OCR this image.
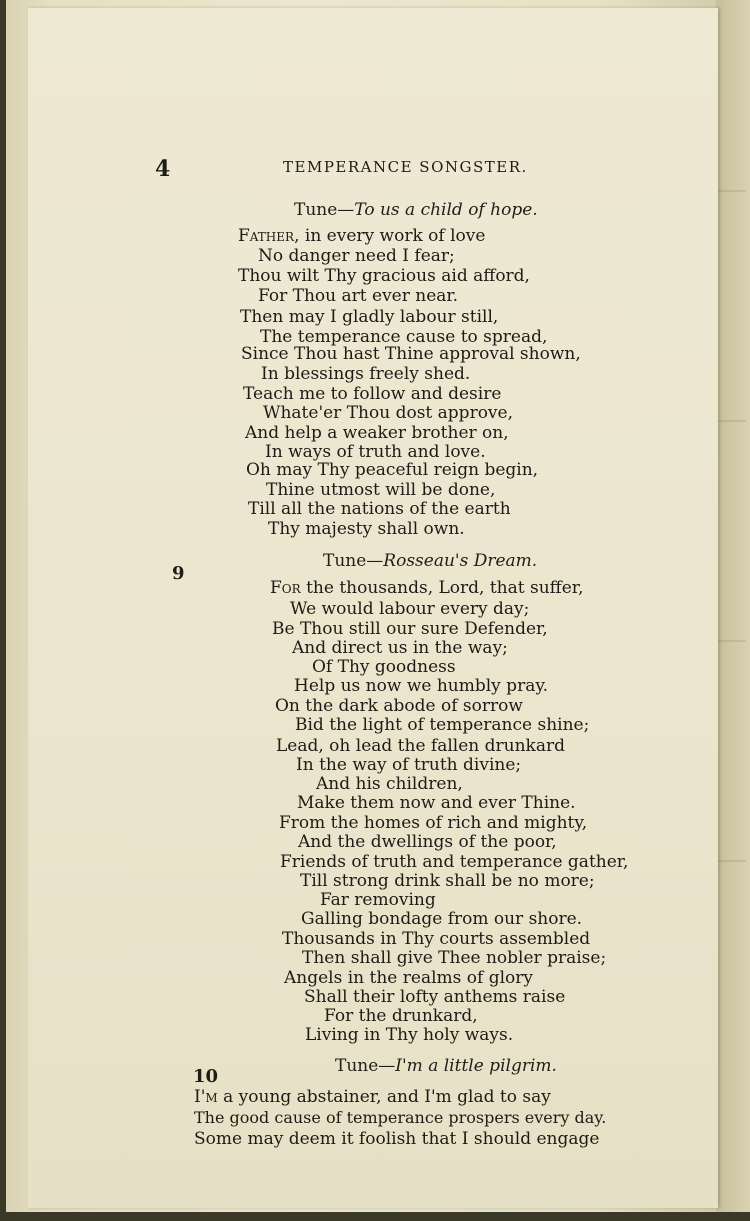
4	TEMPERANCE SONGSTER.
Tune—To us a child of hope.
Father, in every work of love
No danger need I fear;
Thou wilt Thy gracious aid afford,
For Thou art ever near.
Then may I gladly labour still,
The temperance cause to spread,
Since Thou hast Thine approval shown,
In blessings freely shed.
Teach me to follow and desire
Whate'er Thou dost approve,
And help a weaker brother on,
In ways of truth and love.
Oh may Thy peaceful reign begin,
Thine utmost will be done,
Till all the nations of the earth
Thy majesty shall own.
9
Tune—Rosseau's Dream.
For the thousands, Lord, that suffer,
We would labour every day;
Be Thou still our sure Defender,
And direct us in the way;
Of Thy goodness
Help us now we humbly pray.
On the dark abode of sorrow
Bid the light of temperance shine;
Lead, oh lead the fallen drunkard
In the way of truth divine;
And his children,
Make them now and ever Thine.
From the homes of rich and mighty,
And the dwellings of the poor,
Friends of truth and temperance gather,
Till strong drink shall be no more;
Far removing
Galling bondage from our shore.
Thousands in Thy courts assembled
Then shall give Thee nobler praise;
Angels in the realms of glory
Shall their lofty anthems raise
For the drunkard,
Living in Thy holy ways.
10	Tune—I'm a little pilgrim.
I'm a young abstainer, and I'm glad to say
The good cause of temperance prospers every day.
Some may deem it foolish that I should engage
